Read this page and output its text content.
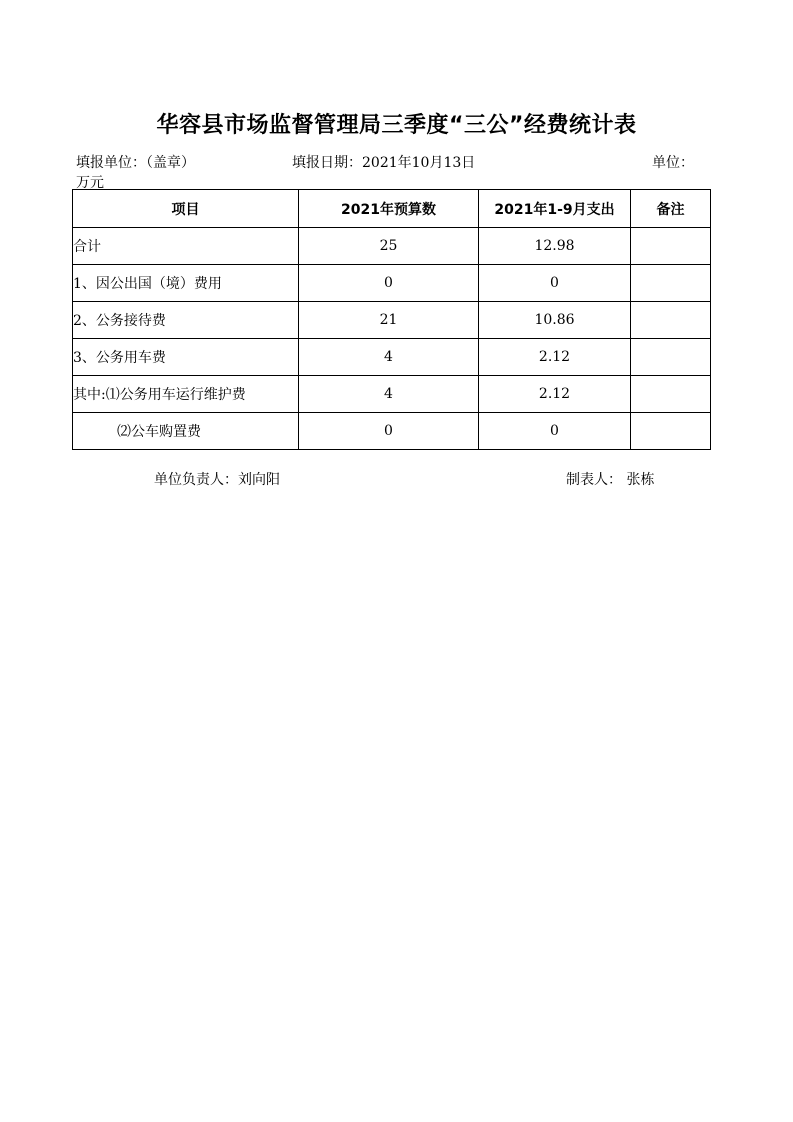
华容县市场监督管理局三季度“三公”经费统计表
填报单位：（盖章）	填报日期：2021年10月13日	单位：
万元
项目	2021年预算数	2021年1-9月支出	备注
合计	25	12.98	
1、因公出国（境）费用	0	0	
2、公务接待费	21	10.86	
3、公务用车费	4	2.12	
其中:⑴公务用车运行维护费	4	2.12	
⑵公车购置费	0	0	
单位负责人：刘向阳	制表人： 张栋
